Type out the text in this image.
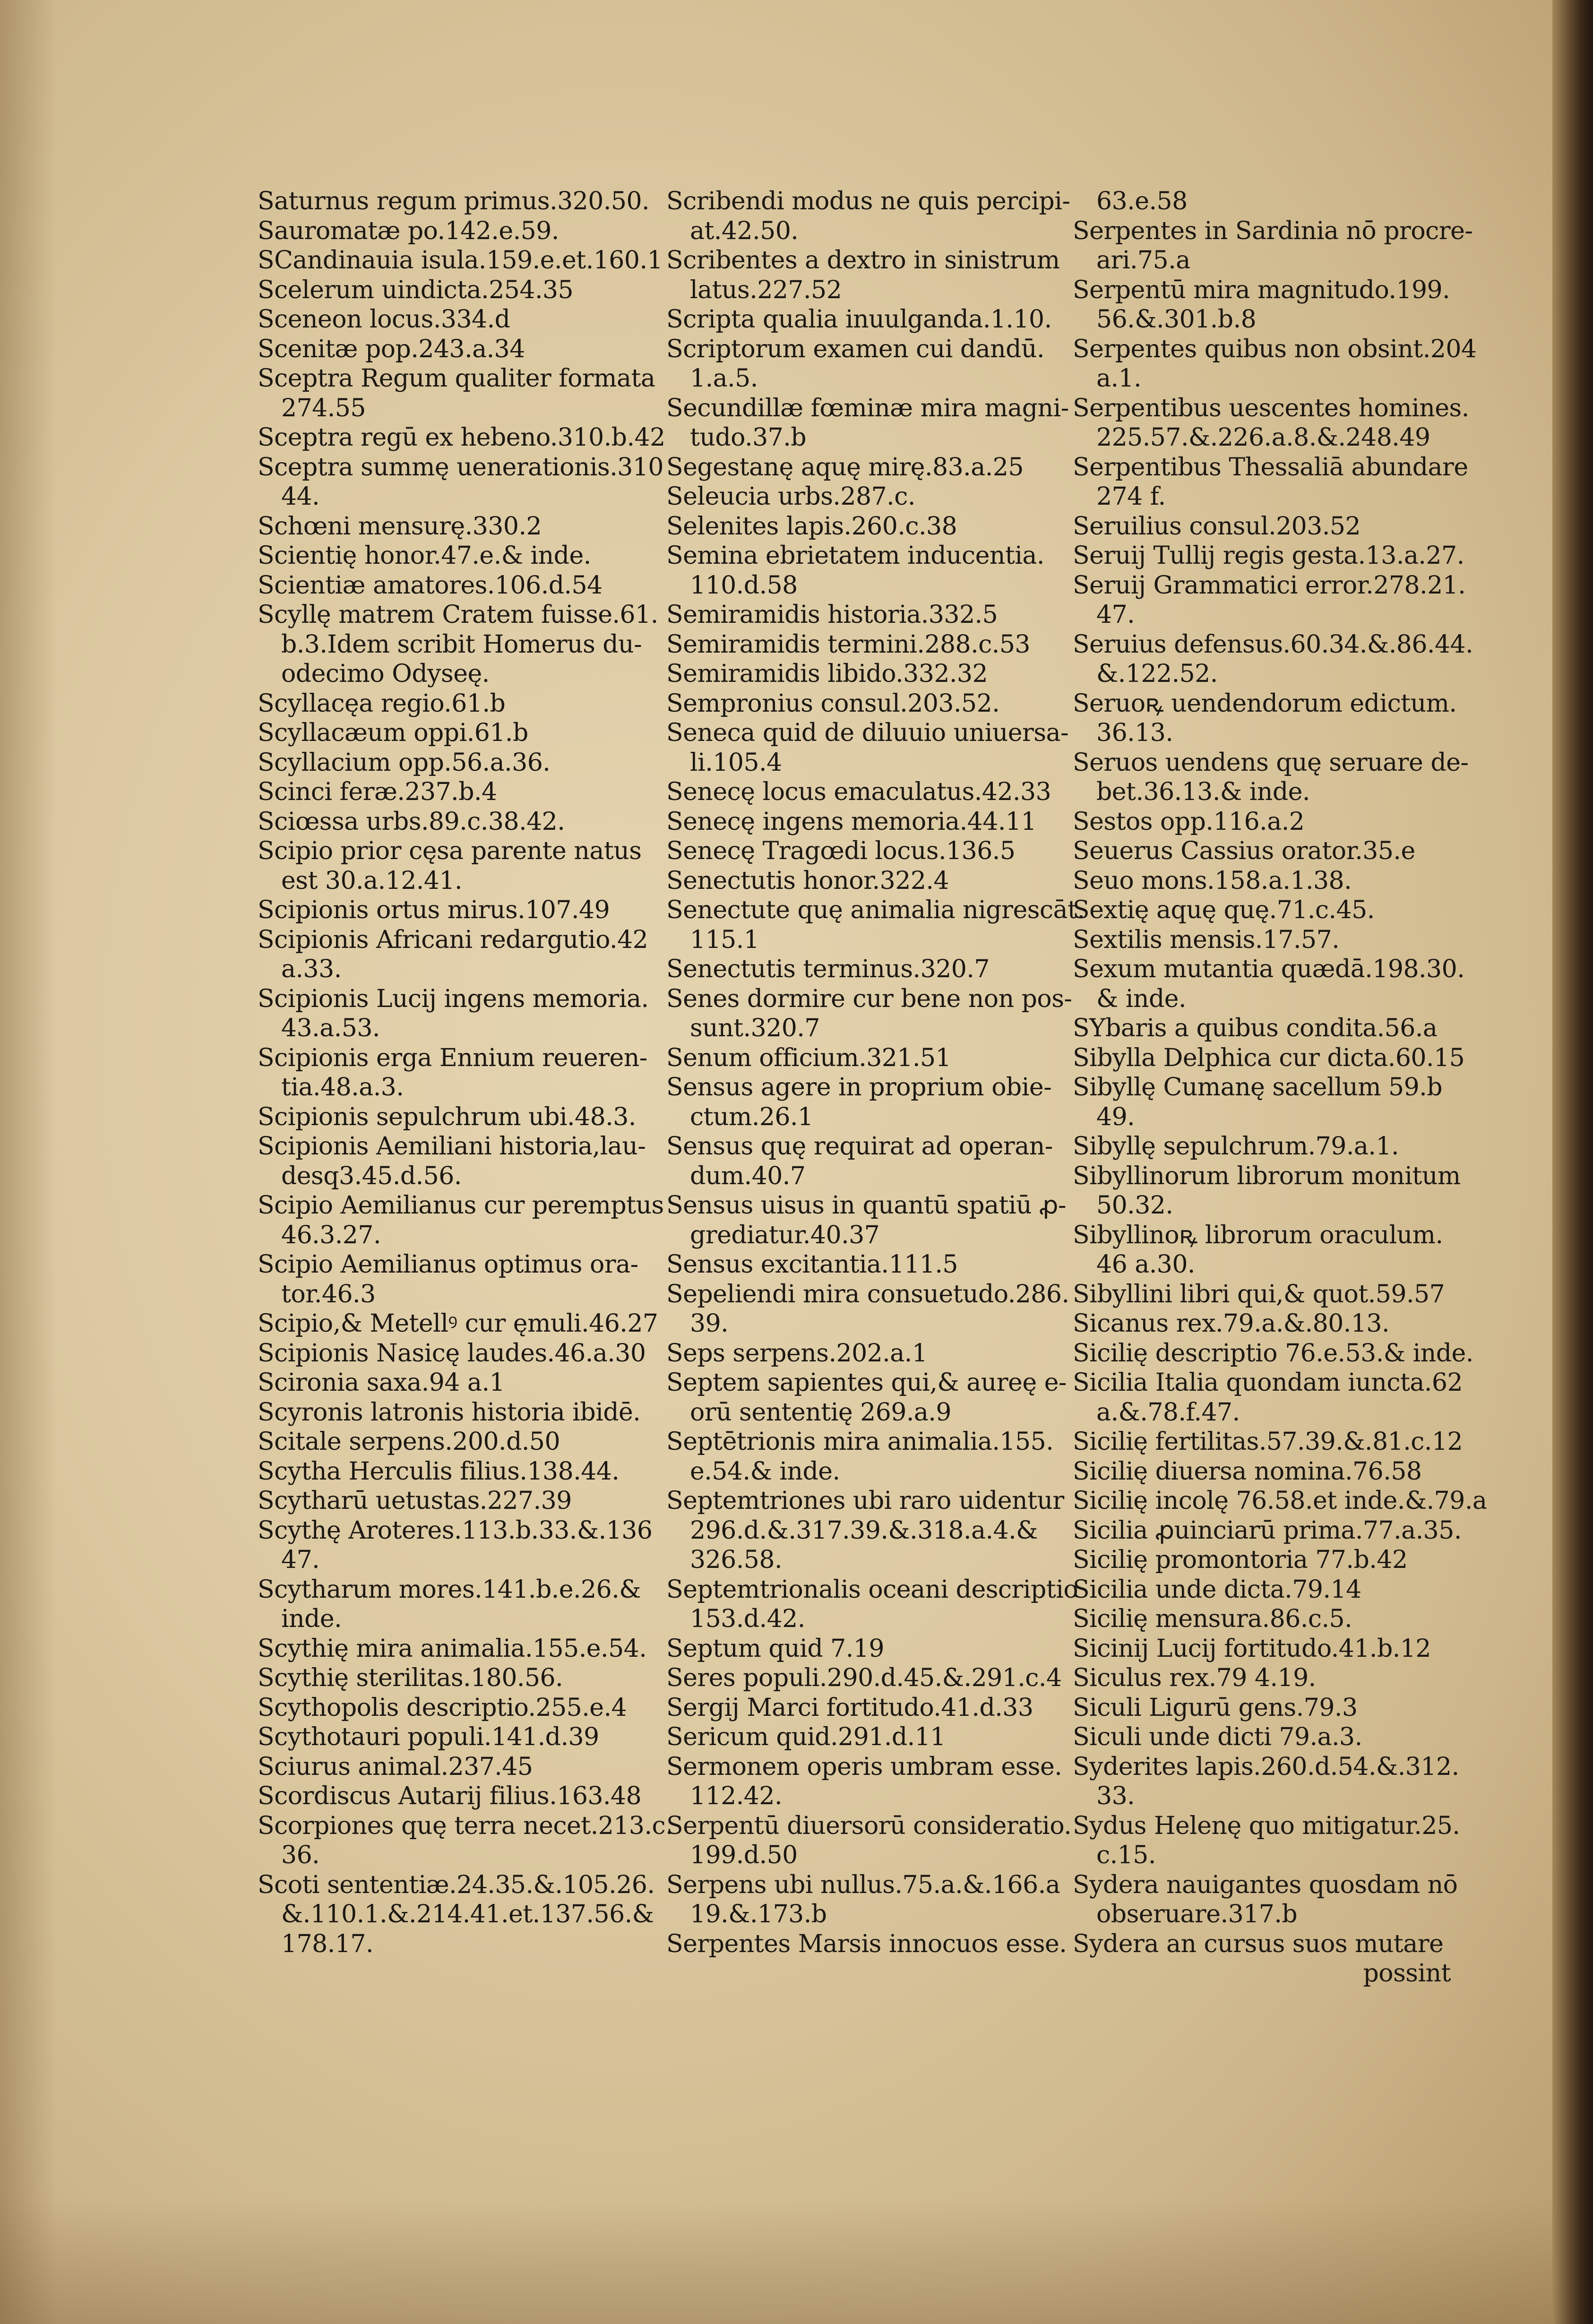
Saturnus regum primus.320.50.
Sauromatæ po.142.e.59.
SCandinauia isula.159.e.et.160.1
Scelerum uindicta.254.35
Sceneon locus.334.d
Scenitæ pop.243.a.34
Sceptra Regum qualiter formata
274.55
Sceptra regū ex hebeno.310.b.42
Sceptra summę uenerationis.310
44.
Schœni mensurę.330.2
Scientię honor.47.e.& inde.
Scientiæ amatores.106.d.54
Scyllę matrem Cratem fuisse.61.
b.3.Idem scribit Homerus du-
odecimo Odyseę.
Scyllacęa regio.61.b
Scyllacæum oppi.61.b
Scyllacium opp.56.a.36.
Scinci feræ.237.b.4
Sciœssa urbs.89.c.38.42.
Scipio prior cęsa parente natus
est 30.a.12.41.
Scipionis ortus mirus.107.49
Scipionis Africani redargutio.42
a.33.
Scipionis Lucij ingens memoria.
43.a.53.
Scipionis erga Ennium reueren-
tia.48.a.3.
Scipionis sepulchrum ubi.48.3.
Scipionis Aemiliani historia,lau-
desq3.45.d.56.
Scipio Aemilianus cur peremptus
46.3.27.
Scipio Aemilianus optimus ora-
tor.46.3
Scipio,& Metellꝰ cur ęmuli.46.27
Scipionis Nasicę laudes.46.a.30
Scironia saxa.94 a.1
Scyronis latronis historia ibidē.
Scitale serpens.200.d.50
Scytha Herculis filius.138.44.
Scytharū uetustas.227.39
Scythę Aroteres.113.b.33.&.136
47.
Scytharum mores.141.b.e.26.&
inde.
Scythię mira animalia.155.e.54.
Scythię sterilitas.180.56.
Scythopolis descriptio.255.e.4
Scythotauri populi.141.d.39
Sciurus animal.237.45
Scordiscus Autarij filius.163.48
Scorpiones quę terra necet.213.c.
36.
Scoti sententiæ.24.35.&.105.26.
&.110.1.&.214.41.et.137.56.&
178.17.
Scribendi modus ne quis percipi-
at.42.50.
Scribentes a dextro in sinistrum
latus.227.52
Scripta qualia inuulganda.1.10.
Scriptorum examen cui dandū.
1.a.5.
Secundillæ fœminæ mira magni-
tudo.37.b
Segestanę aquę mirę.83.a.25
Seleucia urbs.287.c.
Selenites lapis.260.c.38
Semina ebrietatem inducentia.
110.d.58
Semiramidis historia.332.5
Semiramidis termini.288.c.53
Semiramidis libido.332.32
Sempronius consul.203.52.
Seneca quid de diluuio uniuersa-
li.105.4
Senecę locus emaculatus.42.33
Senecę ingens memoria.44.11
Senecę Tragœdi locus.136.5
Senectutis honor.322.4
Senectute quę animalia nigrescāt.
115.1
Senectutis terminus.320.7
Senes dormire cur bene non pos-
sunt.320.7
Senum officium.321.51
Sensus agere in proprium obie-
ctum.26.1
Sensus quę requirat ad operan-
dum.40.7
Sensus uisus in quantū spatiū ꝓ-
grediatur.40.37
Sensus excitantia.111.5
Sepeliendi mira consuetudo.286.
39.
Seps serpens.202.a.1
Septem sapientes qui,& aureę e-
orū sententię 269.a.9
Septētrionis mira animalia.155.
e.54.& inde.
Septemtriones ubi raro uidentur
296.d.&.317.39.&.318.a.4.&
326.58.
Septemtrionalis oceani descriptio
153.d.42.
Septum quid 7.19
Seres populi.290.d.45.&.291.c.4
Sergij Marci fortitudo.41.d.33
Sericum quid.291.d.11
Sermonem operis umbram esse.
112.42.
Serpentū diuersorū consideratio.
199.d.50
Serpens ubi nullus.75.a.&.166.a
19.&.173.b
Serpentes Marsis innocuos esse.
63.e.58
Serpentes in Sardinia nō procre-
ari.75.a
Serpentū mira magnitudo.199.
56.&.301.b.8
Serpentes quibus non obsint.204
a.1.
Serpentibus uescentes homines.
225.57.&.226.a.8.&.248.49
Serpentibus Thessaliā abundare
274 f.
Seruilius consul.203.52
Seruij Tullij regis gesta.13.a.27.
Seruij Grammatici error.278.21.
47.
Seruius defensus.60.34.&.86.44.
&.122.52.
Seruoꝶ uendendorum edictum.
36.13.
Seruos uendens quę seruare de-
bet.36.13.& inde.
Sestos opp.116.a.2
Seuerus Cassius orator.35.e
Seuo mons.158.a.1.38.
Sextię aquę quę.71.c.45.
Sextilis mensis.17.57.
Sexum mutantia quædā.198.30.
& inde.
SYbaris a quibus condita.56.a
Sibylla Delphica cur dicta.60.15
Sibyllę Cumanę sacellum 59.b
49.
Sibyllę sepulchrum.79.a.1.
Sibyllinorum librorum monitum
50.32.
Sibyllinoꝶ librorum oraculum.
46 a.30.
Sibyllini libri qui,& quot.59.57
Sicanus rex.79.a.&.80.13.
Sicilię descriptio 76.e.53.& inde.
Sicilia Italia quondam iuncta.62
a.&.78.f.47.
Sicilię fertilitas.57.39.&.81.c.12
Sicilię diuersa nomina.76.58
Sicilię incolę 76.58.et inde.&.79.a
Sicilia ꝓuinciarū prima.77.a.35.
Sicilię promontoria 77.b.42
Sicilia unde dicta.79.14
Sicilię mensura.86.c.5.
Sicinij Lucij fortitudo.41.b.12
Siculus rex.79 4.19.
Siculi Ligurū gens.79.3
Siculi unde dicti 79.a.3.
Syderites lapis.260.d.54.&.312.
33.
Sydus Helenę quo mitigatur.25.
c.15.
Sydera nauigantes quosdam nō
obseruare.317.b
Sydera an cursus suos mutare
possint
